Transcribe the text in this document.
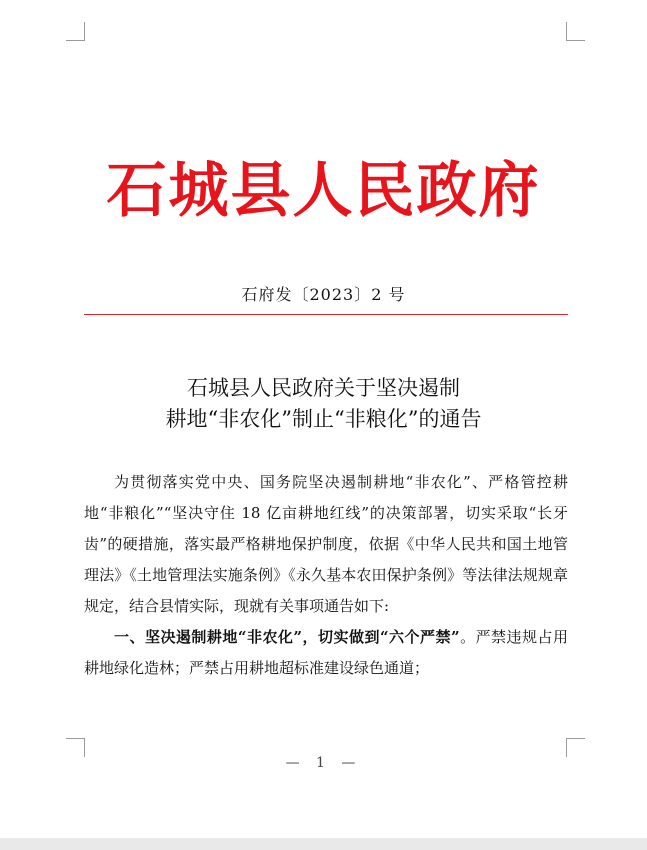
石城县人民政府
石府发〔2023〕2 号
石城县人民政府关于坚决遏制
耕地“非农化”制止“非粮化”的通告

为贯彻落实党中央、国务院坚决遏制耕地“非农化”、严格管控耕地“非粮化”“坚决守住 18 亿亩耕地红线”的决策部署，切实采取“长牙齿”的硬措施，落实最严格耕地保护制度，依据《中华人民共和国土地管理法》《土地管理法实施条例》《永久基本农田保护条例》等法律法规规章规定，结合县情实际，现就有关事项通告如下:

一、坚决遏制耕地“非农化”，切实做到“六个严禁”。严禁违规占用耕地绿化造林；严禁占用耕地超标准建设绿色通道；

— 1 —
